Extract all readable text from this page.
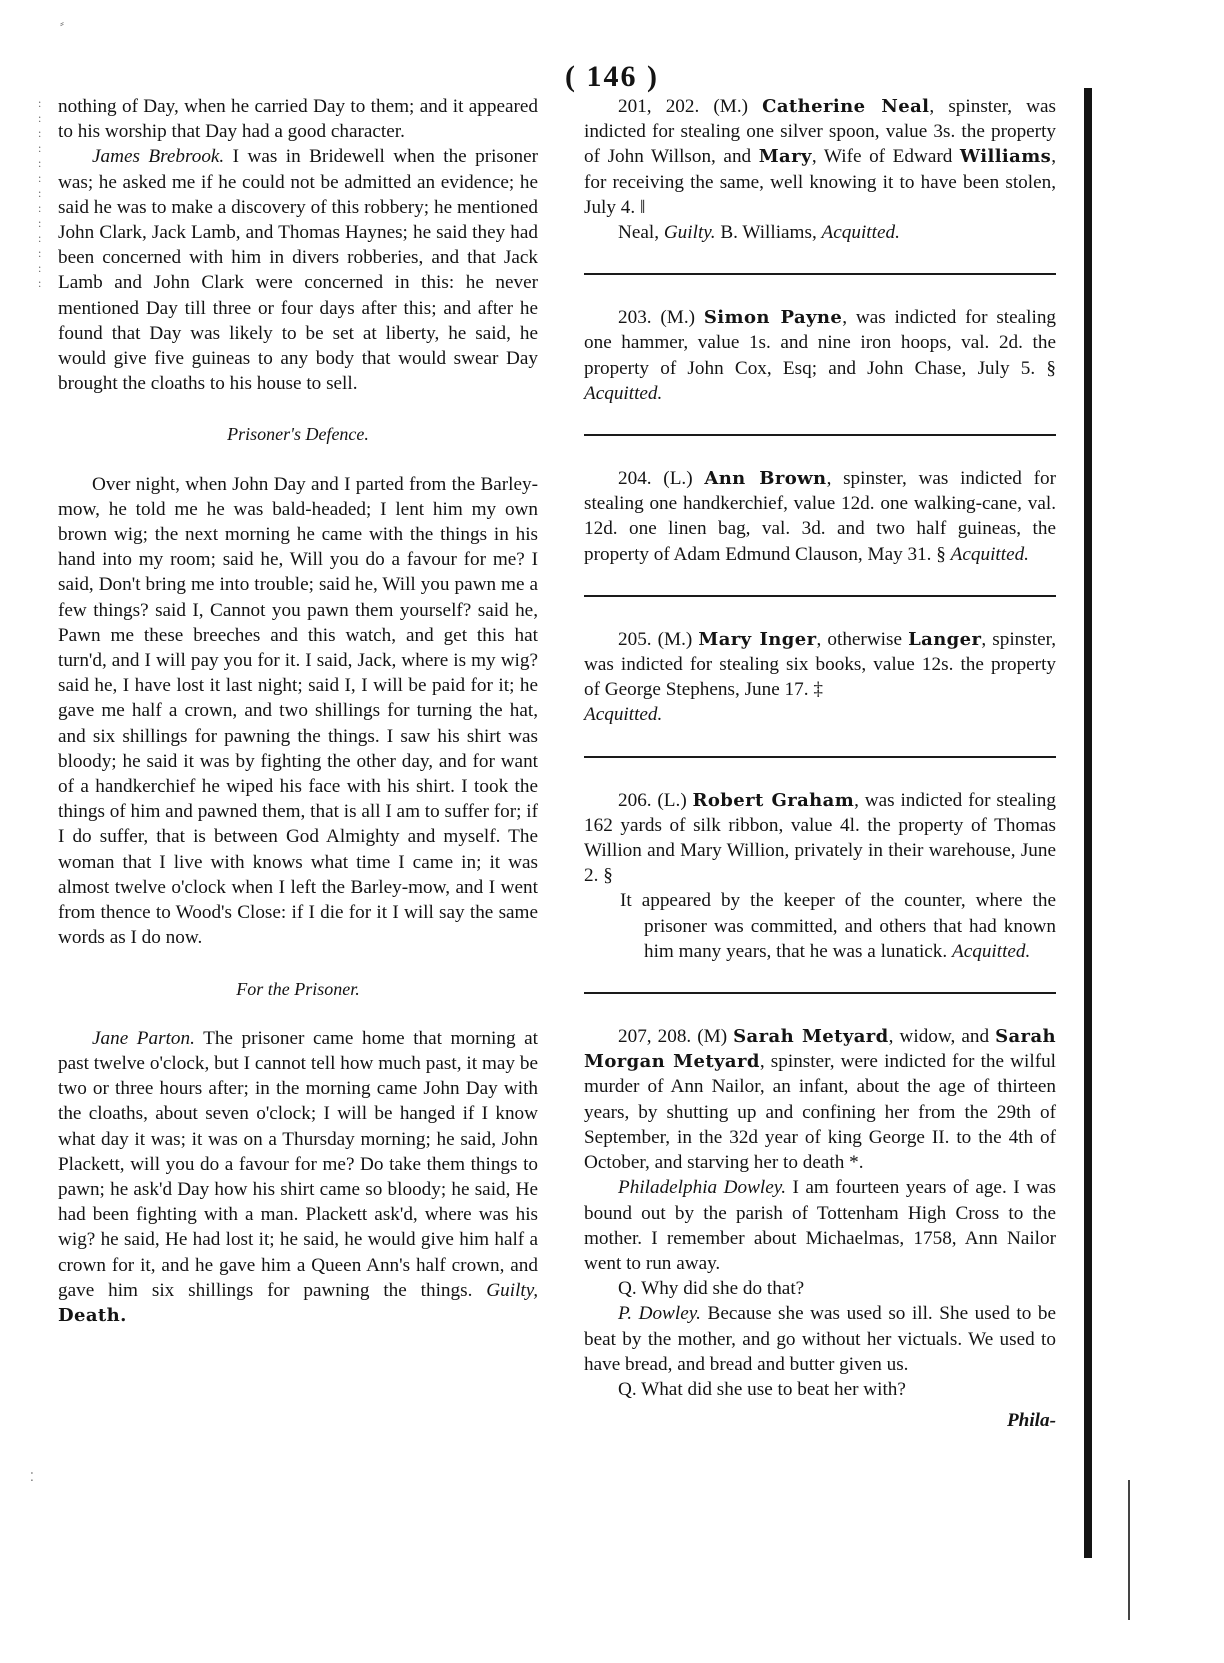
( 146 )
⸗
:
:
:
:
:
:
:
:
:
:
:
:
:
⁚

nothing of Day, when he carried Day to them; and it appeared to his worship that Day had a good character.

James Brebrook. I was in Bridewell when the prisoner was; he asked me if he could not be admitted an evidence; he said he was to make a discovery of this robbery; he mentioned John Clark, Jack Lamb, and Thomas Haynes; he said they had been concerned with him in divers robberies, and that Jack Lamb and John Clark were concerned in this: he never mentioned Day till three or four days after this; and after he found that Day was likely to be set at liberty, he said, he would give five guineas to any body that would swear Day brought the cloaths to his house to sell.

Prisoner's Defence.

Over night, when John Day and I parted from the Barley-mow, he told me he was bald-headed; I lent him my own brown wig; the next morning he came with the things in his hand into my room; said he, Will you do a favour for me? I said, Don't bring me into trouble; said he, Will you pawn me a few things? said I, Cannot you pawn them yourself? said he, Pawn me these breeches and this watch, and get this hat turn'd, and I will pay you for it. I said, Jack, where is my wig? said he, I have lost it last night; said I, I will be paid for it; he gave me half a crown, and two shillings for turning the hat, and six shillings for pawning the things. I saw his shirt was bloody; he said it was by fighting the other day, and for want of a handkerchief he wiped his face with his shirt. I took the things of him and pawned them, that is all I am to suffer for; if I do suffer, that is between God Almighty and myself. The woman that I live with knows what time I came in; it was almost twelve o'clock when I left the Barley-mow, and I went from thence to Wood's Close: if I die for it I will say the same words as I do now.

For the Prisoner.

Jane Parton. The prisoner came home that morning at past twelve o'clock, but I cannot tell how much past, it may be two or three hours after; in the morning came John Day with the cloaths, about seven o'clock; I will be hanged if I know what day it was; it was on a Thursday morning; he said, John Plackett, will you do a favour for me? Do take them things to pawn; he ask'd Day how his shirt came so bloody; he said, He had been fighting with a man. Plackett ask'd, where was his wig? he said, He had lost it; he said, he would give him half a crown for it, and he gave him a Queen Ann's half crown, and gave him six shillings for pawning the things. Guilty, Death.

201, 202. (M.) Catherine Neal, spinster, was indicted for stealing one silver spoon, value 3s. the property of John Willson, and Mary, Wife of Edward Williams, for receiving the same, well knowing it to have been stolen, July 4. ‖

Neal, Guilty. B. Williams, Acquitted.

203. (M.) Simon Payne, was indicted for stealing one hammer, value 1s. and nine iron hoops, val. 2d. the property of John Cox, Esq; and John Chase, July 5. § Acquitted.

204. (L.) Ann Brown, spinster, was indicted for stealing one handkerchief, value 12d. one walking-cane, val. 12d. one linen bag, val. 3d. and two half guineas, the property of Adam Edmund Clauson, May 31. § Acquitted.

205. (M.) Mary Inger, otherwise Langer, spinster, was indicted for stealing six books, value 12s. the property of George Stephens, June 17. ‡

Acquitted.

206. (L.) Robert Graham, was indicted for stealing 162 yards of silk ribbon, value 4l. the property of Thomas Willion and Mary Willion, privately in their warehouse, June 2. §

It appeared by the keeper of the counter, where the prisoner was committed, and others that had known him many years, that he was a lunatick. Acquitted.

207, 208. (M) Sarah Metyard, widow, and Sarah Morgan Metyard, spinster, were indicted for the wilful murder of Ann Nailor, an infant, about the age of thirteen years, by shutting up and confining her from the 29th of September, in the 32d year of king George II. to the 4th of October, and starving her to death *.

Philadelphia Dowley. I am fourteen years of age. I was bound out by the parish of Tottenham High Cross to the mother. I remember about Michaelmas, 1758, Ann Nailor went to run away.

Q. Why did she do that?

P. Dowley. Because she was used so ill. She used to be beat by the mother, and go without her victuals. We used to have bread, and bread and butter given us.

Q. What did she use to beat her with?

Phila-
